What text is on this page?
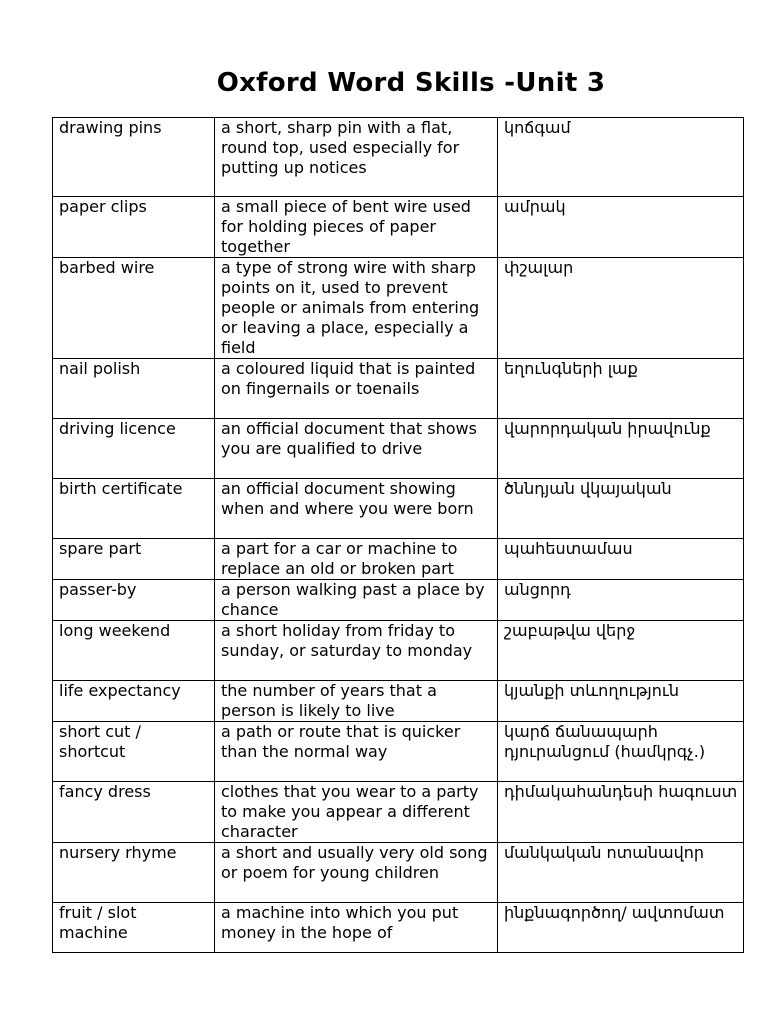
Oxford Word Skills -Unit 3
drawing pins	a short, sharp pin with a flat, round top, used especially for putting up notices	կոճգամ
paper clips	a small piece of bent wire used for holding pieces of paper together	ամրակ
barbed wire	a type of strong wire with sharp points on it, used to prevent people or animals from entering or leaving a place, especially a field	փշալար
nail polish	a coloured liquid that is painted on fingernails or toenails	եղունգների լաք
driving licence	an official document that shows you are qualified to drive	վարորդական իրավունք
birth certificate	an official document showing when and where you were born	ծննդյան վկայական
spare part	a part for a car or machine to replace an old or broken part	պահեստամաս
passer-by	a person walking past a place by chance	անցորդ
long weekend	a short holiday from friday to sunday, or saturday to monday	շաբաթվա վերջ
life expectancy	the number of years that a person is likely to live	կյանքի տևողություն
short cut / shortcut	a path or route that is quicker than the normal way	կարճ ճանապարհ դյուրանցում (համկրգչ.)
fancy dress	clothes that you wear to a party to make you appear a different character	դիմակահանդեսի հագուստ
nursery rhyme	a short and usually very old song or poem for young children	մանկական ոտանավոր
fruit / slot machine	a machine into which you put money in the hope of	ինքնագործող/ ավտոմատ
